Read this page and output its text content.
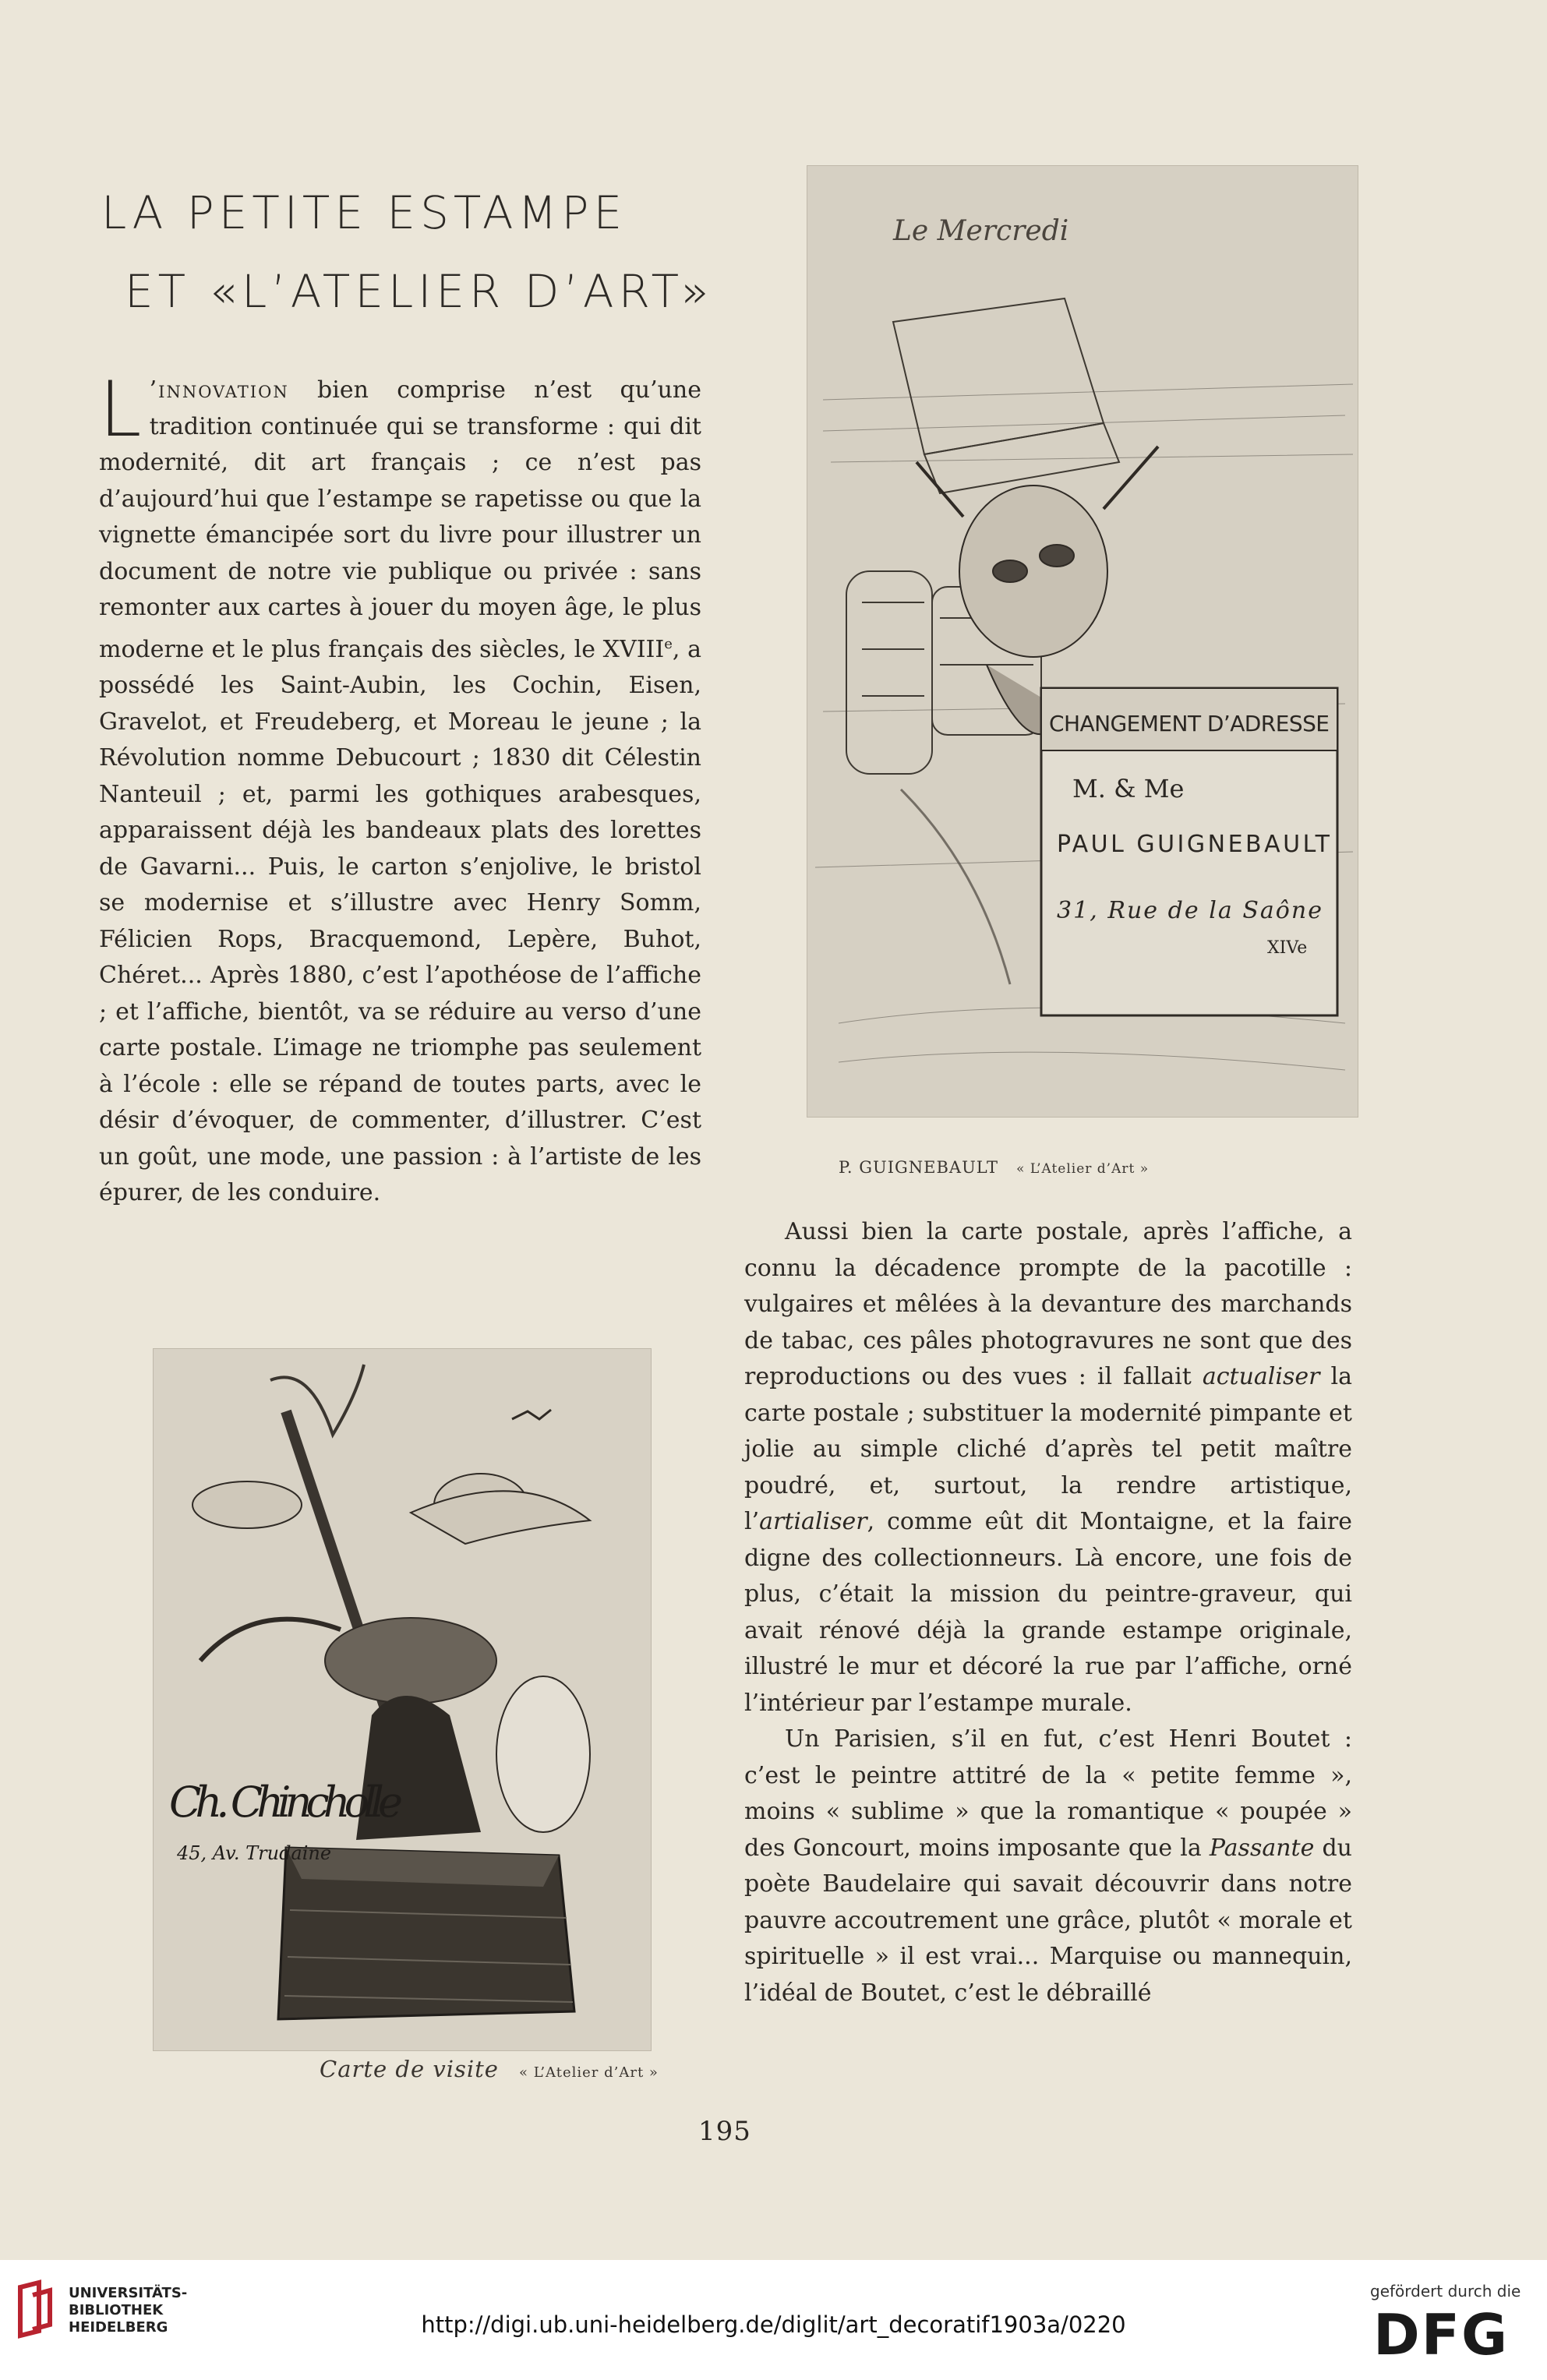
LA PETITE ESTAMPE
ET «L’ATELIER D’ART»

L ’innovation bien comprise n’est qu’une tradition continuée qui se transforme : qui dit modernité, dit art français ; ce n’est pas d’aujourd’hui que l’estampe se rapetisse ou que la vignette émancipée sort du livre pour illustrer un document de notre vie publique ou privée : sans remonter aux cartes à jouer du moyen âge, le plus moderne et le plus français des siècles, le XVIIIe, a possédé les Saint-Aubin, les Cochin, Eisen, Gravelot, et Freudeberg, et Moreau le jeune ; la Révolution nomme Debucourt ; 1830 dit Célestin Nanteuil ; et, parmi les gothiques arabesques, apparaissent déjà les bandeaux plats des lorettes de Gavarni... Puis, le carton s’enjolive, le bristol se modernise et s’illustre avec Henry Somm, Félicien Rops, Bracquemond, Lepère, Buhot, Chéret... Après 1880, c’est l’apothéose de l’affiche ; et l’affiche, bientôt, va se réduire au verso d’une carte postale. L’image ne triomphe pas seulement à l’école : elle se répand de toutes parts, avec le désir d’évoquer, de commenter, d’illustrer. C’est un goût, une mode, une passion : à l’artiste de les épurer, de les conduire.

Le Mercredi
CHANGEMENT D’ADRESSE
M. & Me
PAUL GUIGNEBAULT
31, Rue de la Saône
XIVe
P. GUIGNEBAULT « L’Atelier d’Art »

Aussi bien la carte postale, après l’affiche, a connu la décadence prompte de la pacotille : vulgaires et mêlées à la devanture des marchands de tabac, ces pâles photogravures ne sont que des reproductions ou des vues : il fallait actualiser la carte postale ; substituer la modernité pimpante et jolie au simple cliché d’après tel petit maître poudré, et, surtout, la rendre artistique, l’artialiser, comme eût dit Montaigne, et la faire digne des collectionneurs. Là encore, une fois de plus, c’était la mission du peintre-graveur, qui avait rénové déjà la grande estampe originale, illustré le mur et décoré la rue par l’affiche, orné l’intérieur par l’estampe murale.

Un Parisien, s’il en fut, c’est Henri Boutet : c’est le peintre attitré de la « petite femme », moins « sublime » que la romantique « poupée » des Goncourt, moins imposante que la Passante du poète Baudelaire qui savait découvrir dans notre pauvre accoutrement une grâce, plutôt « morale et spirituelle » il est vrai... Marquise ou mannequin, l’idéal de Boutet, c’est le débraillé

Ch. Chincholle
45, Av. Trudaine
Carte de visite « L’Atelier d’Art »
195
UNIVERSITÄTS-
BIBLIOTHEK
HEIDELBERG	http://digi.ub.uni-heidelberg.de/diglit/art_decoratif1903a/0220
gefördert durch die
DFG
